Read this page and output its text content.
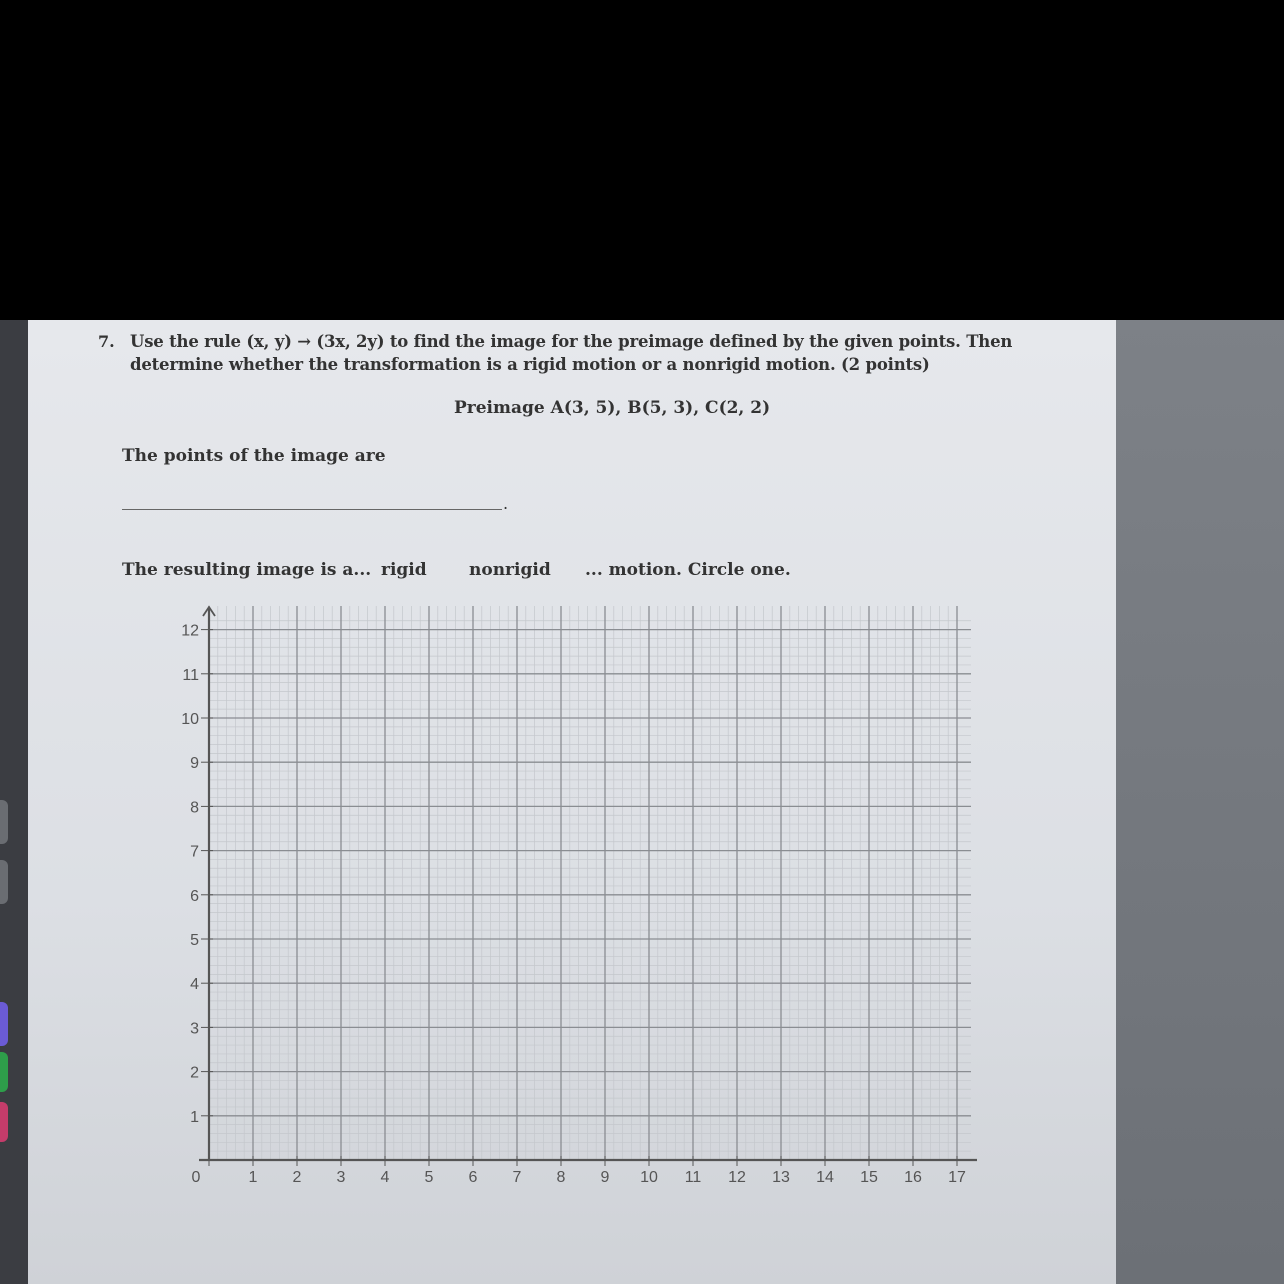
7. Use the rule (x, y) → (3x, 2y) to find the image for the preimage defined by the given points. Then determine whether the transformation is a rigid motion or a nonrigid motion. (2 points)
Preimage A(3, 5), B(5, 3), C(2, 2)
The points of the image are
.
The resulting image is a... rigid nonrigid ... motion. Circle one.
0	1 2 3 4 5 6 7 8 9 10 11 12 13 14 15 16 17
1
2
3
4
5
6
7
8
9
10
11
12
